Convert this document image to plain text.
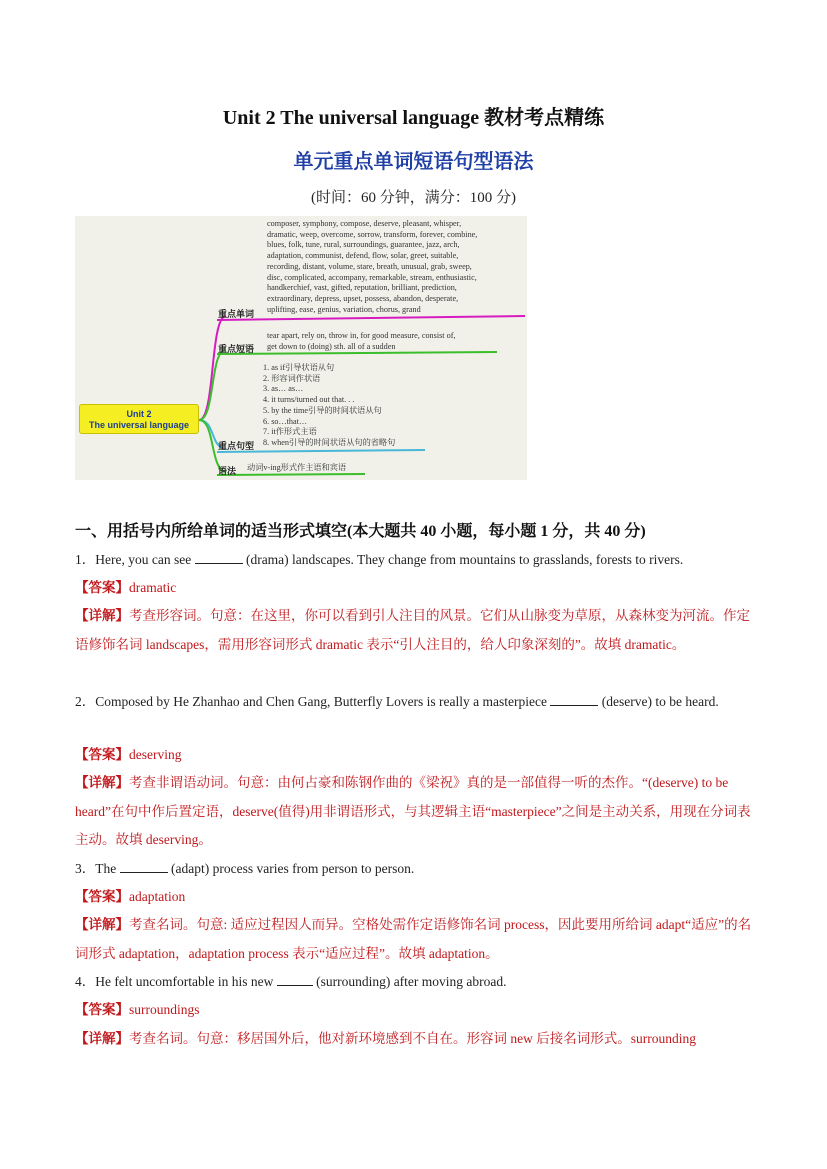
Unit 2 The universal language 教材考点精练
单元重点单词短语句型语法
(时间：60 分钟，满分：100 分)
Unit 2
The universal language
重点单词
重点短语
重点句型
语法
composer, symphony, compose, deserve, pleasant, whisper,
dramatic, weep, overcome, sorrow, transform, forever, combine,
blues, folk, tune, rural, surroundings, guarantee, jazz, arch,
adaptation, communist, defend, flow, solar, greet, suitable,
recording, distant, volume, stare, breath, unusual, grab, sweep,
disc, complicated, accompany, remarkable, stream, enthusiastic,
handkerchief, vast, gifted, reputation, brilliant, prediction,
extraordinary, depress, upset, possess, abandon, desperate,
uplifting, ease, genius, variation, chorus, grand
tear apart, rely on, throw in, for good measure, consist of,
get down to (doing) sth. all of a sudden
1. as if引导状语从句
2. 形容词作状语
3. as… as…
4. it turns/turned out that. . .
5. by the time引导的时间状语从句
6. so…that…
7. it作形式主语
8. when引导的时间状语从句的省略句
动词v-ing形式作主语和宾语
一、用括号内所给单词的适当形式填空(本大题共 40 小题，每小题 1 分，共 40 分)
1．Here, you can see	(drama) landscapes. They change from mountains to grasslands, forests to rivers.
【答案】dramatic
【详解】考查形容词。句意：在这里，你可以看到引人注目的风景。它们从山脉变为草原，从森林变为河流。作定语修饰名词 landscapes，需用形容词形式 dramatic 表示“引人注目的，给人印象深刻的”。故填 dramatic。
2．Composed by He Zhanhao and Chen Gang, Butterfly Lovers is really a masterpiece	(deserve) to be heard.
【答案】deserving
【详解】考查非谓语动词。句意：由何占豪和陈钢作曲的《梁祝》真的是一部值得一听的杰作。“(deserve) to be heard”在句中作后置定语，deserve(值得)用非谓语形式，与其逻辑主语“masterpiece”之间是主动关系，用现在分词表主动。故填 deserving。
3．The	(adapt) process varies from person to person.
【答案】adaptation
【详解】考查名词。句意: 适应过程因人而异。空格处需作定语修饰名词 process，因此要用所给词 adapt“适应”的名词形式 adaptation，adaptation process 表示“适应过程”。故填 adaptation。
4．He felt uncomfortable in his new	(surrounding) after moving abroad.
【答案】surroundings
【详解】考查名词。句意：移居国外后，他对新环境感到不自在。形容词 new 后接名词形式。surrounding
